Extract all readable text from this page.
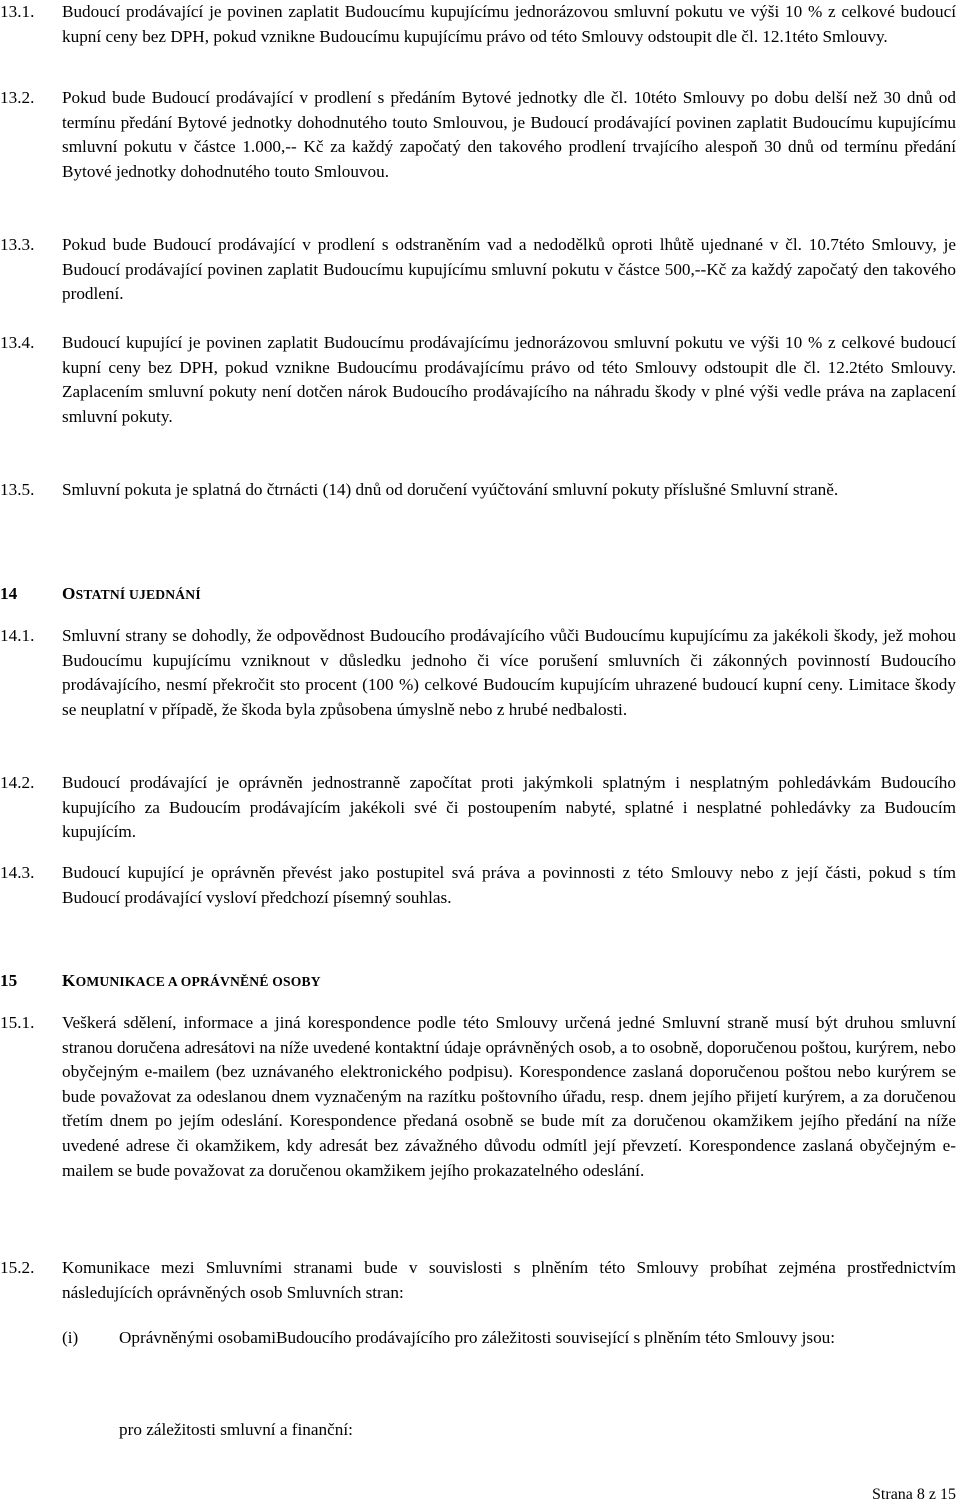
13.1.	Budoucí prodávající je povinen zaplatit Budoucímu kupujícímu jednorázovou smluvní pokutu ve výši 10 % z celkové budoucí kupní ceny bez DPH, pokud vznikne Budoucímu kupujícímu právo od této Smlouvy odstoupit dle čl. 12.1této Smlouvy.
13.2.	Pokud bude Budoucí prodávající v prodlení s předáním Bytové jednotky dle čl. 10této Smlouvy po dobu delší než 30 dnů od termínu předání Bytové jednotky dohodnutého touto Smlouvou, je Budoucí prodávající povinen zaplatit Budoucímu kupujícímu smluvní pokutu v částce 1.000,-- Kč za každý započatý den takového prodlení trvajícího alespoň 30 dnů od termínu předání Bytové jednotky dohodnutého touto Smlouvou.
13.3.	Pokud bude Budoucí prodávající v prodlení s odstraněním vad a nedodělků oproti lhůtě ujednané v čl. 10.7této Smlouvy, je Budoucí prodávající povinen zaplatit Budoucímu kupujícímu smluvní pokutu v částce 500,--Kč za každý započatý den takového prodlení.
13.4.	Budoucí kupující je povinen zaplatit Budoucímu prodávajícímu jednorázovou smluvní pokutu ve výši 10 % z celkové budoucí kupní ceny bez DPH, pokud vznikne Budoucímu prodávajícímu právo od této Smlouvy odstoupit dle čl. 12.2této Smlouvy. Zaplacením smluvní pokuty není dotčen nárok Budoucího prodávajícího na náhradu škody v plné výši vedle práva na zaplacení smluvní pokuty.
13.5.	Smluvní pokuta je splatná do čtrnácti (14) dnů od doručení vyúčtování smluvní pokuty příslušné Smluvní straně.
14	OSTATNÍ UJEDNÁNÍ
14.1.	Smluvní strany se dohodly, že odpovědnost Budoucího prodávajícího vůči Budoucímu kupujícímu za jakékoli škody, jež mohou Budoucímu kupujícímu vzniknout v důsledku jednoho či více porušení smluvních či zákonných povinností Budoucího prodávajícího, nesmí překročit sto procent (100 %) celkové Budoucím kupujícím uhrazené budoucí kupní ceny. Limitace škody se neuplatní v případě, že škoda byla způsobena úmyslně nebo z hrubé nedbalosti.
14.2.	Budoucí prodávající je oprávněn jednostranně započítat proti jakýmkoli splatným i nesplatným pohledávkám Budoucího kupujícího za Budoucím prodávajícím jakékoli své či postoupením nabyté, splatné i nesplatné pohledávky za Budoucím kupujícím.
14.3.	Budoucí kupující je oprávněn převést jako postupitel svá práva a povinnosti z této Smlouvy nebo z její části, pokud s tím Budoucí prodávající vysloví předchozí písemný souhlas.
15	KOMUNIKACE A OPRÁVNĚNÉ OSOBY
15.1.	Veškerá sdělení, informace a jiná korespondence podle této Smlouvy určená jedné Smluvní straně musí být druhou smluvní stranou doručena adresátovi na níže uvedené kontaktní údaje oprávněných osob, a to osobně, doporučenou poštou, kurýrem, nebo obyčejným e-mailem (bez uznávaného elektronického podpisu). Korespondence zaslaná doporučenou poštou nebo kurýrem se bude považovat za odeslanou dnem vyznačeným na razítku poštovního úřadu, resp. dnem jejího přijetí kurýrem, a za doručenou třetím dnem po jejím odeslání. Korespondence předaná osobně se bude mít za doručenou okamžikem jejího předání na níže uvedené adrese či okamžikem, kdy adresát bez závažného důvodu odmítl její převzetí. Korespondence zaslaná obyčejným e-mailem se bude považovat za doručenou okamžikem jejího prokazatelného odeslání.
15.2.	Komunikace mezi Smluvními stranami bude v souvislosti s plněním této Smlouvy probíhat zejména prostřednictvím následujících oprávněných osob Smluvních stran:
(i) Oprávněnými osobamiBudoucího prodávajícího pro záležitosti související s plněním této Smlouvy jsou:
pro záležitosti smluvní a finanční:
Strana 8 z 15
